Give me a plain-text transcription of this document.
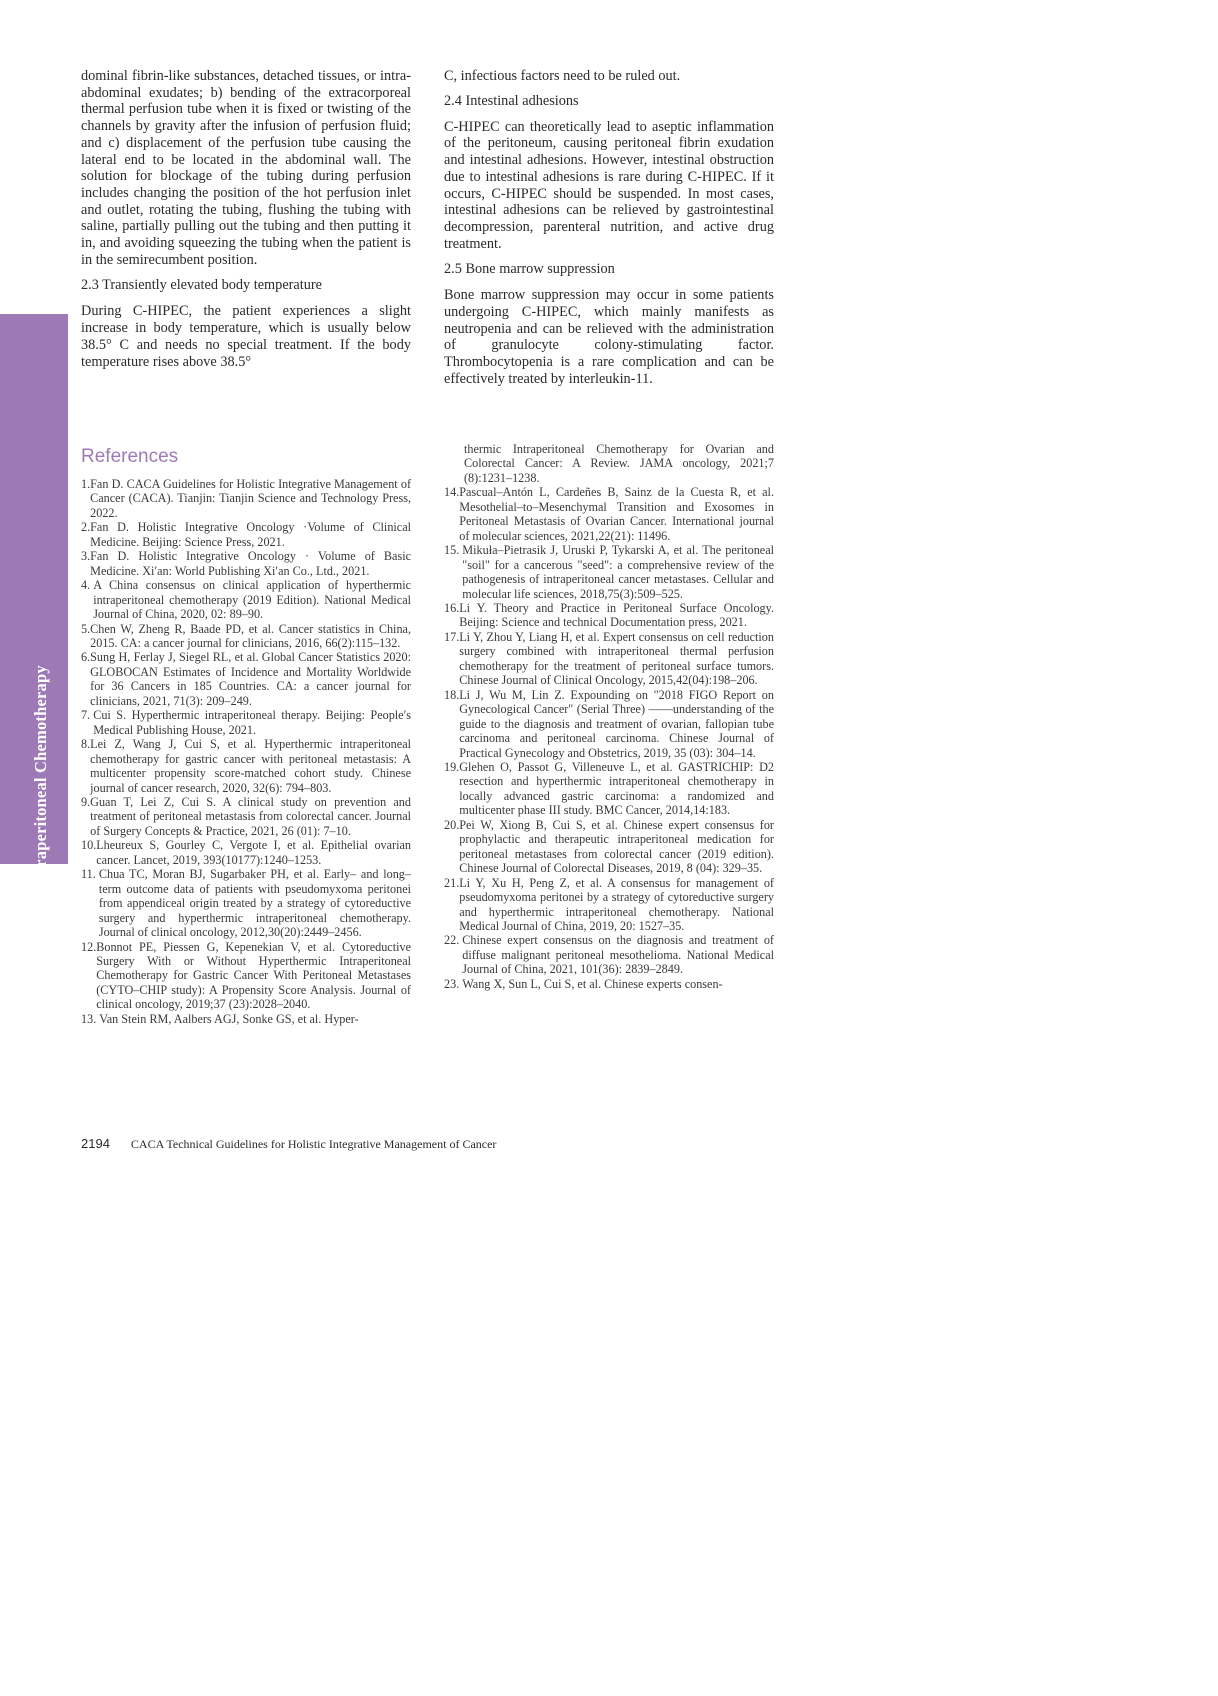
Technique of China Hyperthermic Intraperitoneal Chemotherapy

dominal fibrin-like substances, detached tissues, or intra-abdominal exudates; b) bending of the extracorporeal thermal perfusion tube when it is fixed or twisting of the channels by gravity after the infusion of perfusion fluid; and c) displacement of the perfusion tube causing the lateral end to be located in the abdominal wall. The solution for blockage of the tubing during perfusion includes changing the position of the hot perfusion inlet and outlet, rotating the tubing, flushing the tubing with saline, partially pulling out the tubing and then putting it in, and avoiding squeezing the tubing when the patient is in the semirecumbent position.

2.3 Transiently elevated body temperature

During C-HIPEC, the patient experiences a slight increase in body temperature, which is usually below 38.5° C and needs no special treatment. If the body temperature rises above 38.5°

C, infectious factors need to be ruled out.

2.4 Intestinal adhesions

C-HIPEC can theoretically lead to aseptic inflammation of the peritoneum, causing peritoneal fibrin exudation and intestinal adhesions. However, intestinal obstruction due to intestinal adhesions is rare during C-HIPEC. If it occurs, C-HIPEC should be suspended. In most cases, intestinal adhesions can be relieved by gastrointestinal decompression, parenteral nutrition, and active drug treatment.

2.5 Bone marrow suppression

Bone marrow suppression may occur in some patients undergoing C-HIPEC, which mainly manifests as neutropenia and can be relieved with the administration of granulocyte colony-stimulating factor. Thrombocytopenia is a rare complication and can be effectively treated by interleukin-11.

References
1. Fan D. CACA Guidelines for Holistic Integrative Management of Cancer (CACA). Tianjin: Tianjin Science and Technology Press, 2022.
2. Fan D. Holistic Integrative Oncology ·Volume of Clinical Medicine. Beijing: Science Press, 2021.
3. Fan D. Holistic Integrative Oncology · Volume of Basic Medicine. Xi′an: World Publishing Xi′an Co., Ltd., 2021.
4. A China consensus on clinical application of hyperthermic intraperitoneal chemotherapy (2019 Edition). National Medical Journal of China, 2020, 02: 89–90.
5. Chen W, Zheng R, Baade PD, et al. Cancer statistics in China, 2015. CA: a cancer journal for clinicians, 2016, 66(2):115–132.
6. Sung H, Ferlay J, Siegel RL, et al. Global Cancer Statistics 2020: GLOBOCAN Estimates of Incidence and Mortality Worldwide for 36 Cancers in 185 Countries. CA: a cancer journal for clinicians, 2021, 71(3): 209–249.
7. Cui S. Hyperthermic intraperitoneal therapy. Beijing: People′s Medical Publishing House, 2021.
8. Lei Z, Wang J, Cui S, et al. Hyperthermic intraperitoneal chemotherapy for gastric cancer with peritoneal metastasis: A multicenter propensity score-matched cohort study. Chinese journal of cancer research, 2020, 32(6): 794–803.
9. Guan T, Lei Z, Cui S. A clinical study on prevention and treatment of peritoneal metastasis from colorectal cancer. Journal of Surgery Concepts & Practice, 2021, 26 (01): 7–10.
10. Lheureux S, Gourley C, Vergote I, et al. Epithelial ovarian cancer. Lancet, 2019, 393(10177):1240–1253.
11. Chua TC, Moran BJ, Sugarbaker PH, et al. Early– and long–term outcome data of patients with pseudomyxoma peritonei from appendiceal origin treated by a strategy of cytoreductive surgery and hyperthermic intraperitoneal chemotherapy. Journal of clinical oncology, 2012,30(20):2449–2456.
12. Bonnot PE, Piessen G, Kepenekian V, et al. Cytoreductive Surgery With or Without Hyperthermic Intraperitoneal Chemotherapy for Gastric Cancer With Peritoneal Metastases (CYTO–CHIP study): A Propensity Score Analysis. Journal of clinical oncology, 2019;37 (23):2028–2040.
13. Van Stein RM, Aalbers AGJ, Sonke GS, et al. Hyper-

thermic Intraperitoneal Chemotherapy for Ovarian and Colorectal Cancer: A Review. JAMA oncology, 2021;7 (8):1231–1238.

14. Pascual–Antón L, Cardeñes B, Sainz de la Cuesta R, et al. Mesothelial–to–Mesenchymal Transition and Exosomes in Peritoneal Metastasis of Ovarian Cancer. International journal of molecular sciences, 2021,22(21): 11496.
15. Mikuła–Pietrasik J, Uruski P, Tykarski A, et al. The peritoneal "soil" for a cancerous "seed": a comprehensive review of the pathogenesis of intraperitoneal cancer metastases. Cellular and molecular life sciences, 2018,75(3):509–525.
16. Li Y. Theory and Practice in Peritoneal Surface Oncology. Beijing: Science and technical Documentation press, 2021.
17. Li Y, Zhou Y, Liang H, et al. Expert consensus on cell reduction surgery combined with intraperitoneal thermal perfusion chemotherapy for the treatment of peritoneal surface tumors. Chinese Journal of Clinical Oncology, 2015,42(04):198–206.
18. Li J, Wu M, Lin Z. Expounding on "2018 FIGO Report on Gynecological Cancer" (Serial Three) ——understanding of the guide to the diagnosis and treatment of ovarian, fallopian tube carcinoma and peritoneal carcinoma. Chinese Journal of Practical Gynecology and Obstetrics, 2019, 35 (03): 304–14.
19. Glehen O, Passot G, Villeneuve L, et al. GASTRICHIP: D2 resection and hyperthermic intraperitoneal chemotherapy in locally advanced gastric carcinoma: a randomized and multicenter phase III study. BMC Cancer, 2014,14:183.
20. Pei W, Xiong B, Cui S, et al. Chinese expert consensus for prophylactic and therapeutic intraperitoneal medication for peritoneal metastases from colorectal cancer (2019 edition). Chinese Journal of Colorectal Diseases, 2019, 8 (04): 329–35.
21. Li Y, Xu H, Peng Z, et al. A consensus for management of pseudomyxoma peritonei by a strategy of cytoreductive surgery and hyperthermic intraperitoneal chemotherapy. National Medical Journal of China, 2019, 20: 1527–35.
22. Chinese expert consensus on the diagnosis and treatment of diffuse malignant peritoneal mesothelioma. National Medical Journal of China, 2021, 101(36): 2839–2849.
23. Wang X, Sun L, Cui S, et al. Chinese experts consen-
2194 CACA Technical Guidelines for Holistic Integrative Management of Cancer
